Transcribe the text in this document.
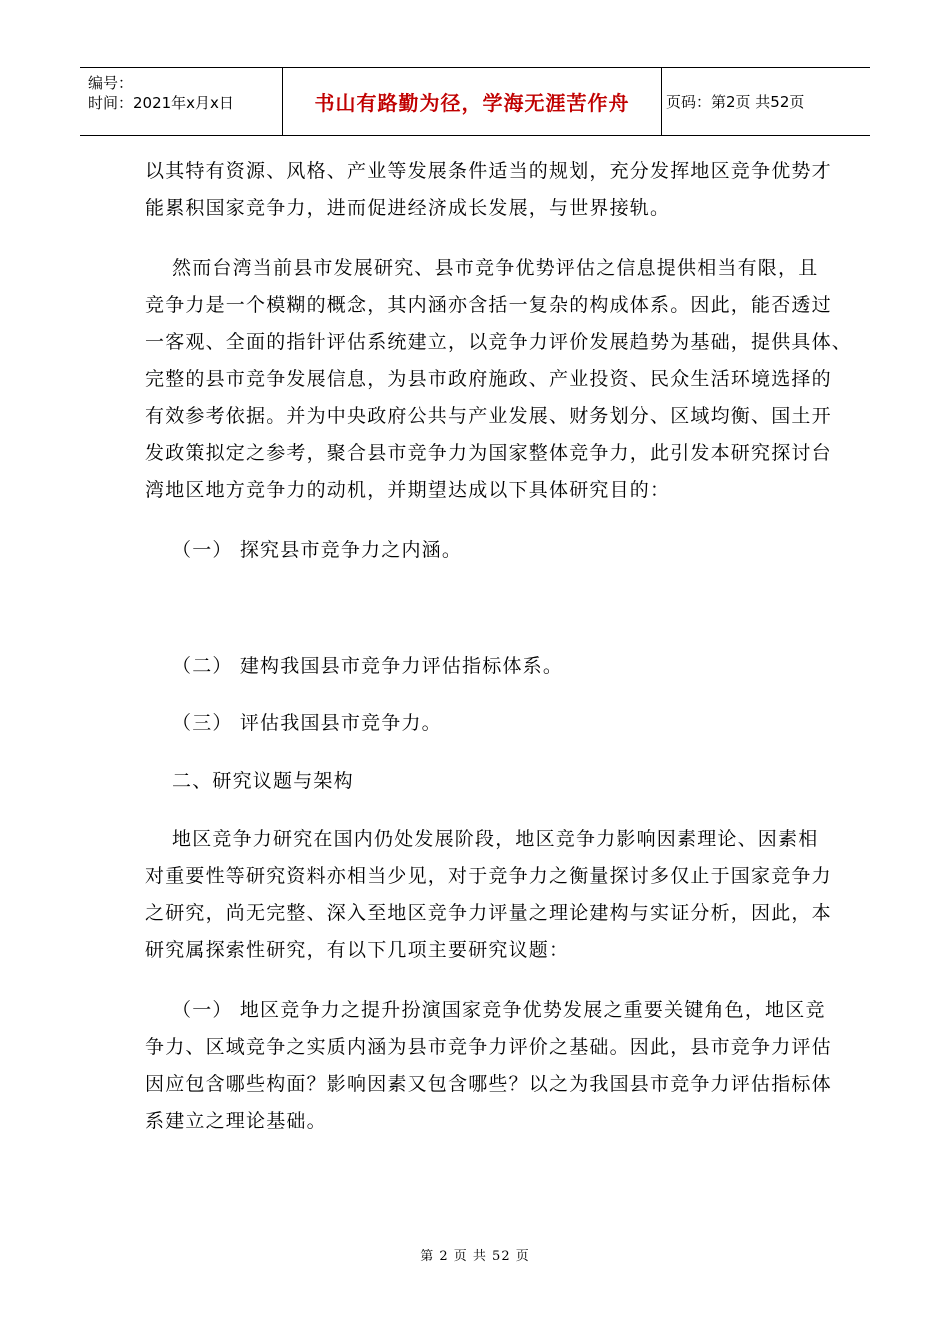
编号：
时间：2021年x月x日	书山有路勤为径，学海无涯苦作舟 页码：第2页 共52页

以其特有资源、风格、产业等发展条件适当的规划，充分发挥地区竞争优势才

能累积国家竞争力，进而促进经济成长发展，与世界接轨。

然而台湾当前县市发展研究、县市竞争优势评估之信息提供相当有限，且

竞争力是一个模糊的概念，其内涵亦含括一复杂的构成体系。因此，能否透过

一客观、全面的指针评估系统建立，以竞争力评价发展趋势为基础，提供具体、

完整的县市竞争发展信息，为县市政府施政、产业投资、民众生活环境选择的

有效参考依据。并为中央政府公共与产业发展、财务划分、区域均衡、国土开

发政策拟定之参考，聚合县市竞争力为国家整体竞争力，此引发本研究探讨台

湾地区地方竞争力的动机，并期望达成以下具体研究目的：

（一） 探究县市竞争力之内涵。

（二） 建构我国县市竞争力评估指标体系。

（三） 评估我国县市竞争力。

二、研究议题与架构

地区竞争力研究在国内仍处发展阶段，地区竞争力影响因素理论、因素相

对重要性等研究资料亦相当少见，对于竞争力之衡量探讨多仅止于国家竞争力

之研究，尚无完整、深入至地区竞争力评量之理论建构与实证分析，因此，本

研究属探索性研究，有以下几项主要研究议题：

（一） 地区竞争力之提升扮演国家竞争优势发展之重要关键角色，地区竞

争力、区域竞争之实质内涵为县市竞争力评价之基础。因此，县市竞争力评估

因应包含哪些构面？影响因素又包含哪些？以之为我国县市竞争力评估指标体

系建立之理论基础。

第 2 页 共 52 页
